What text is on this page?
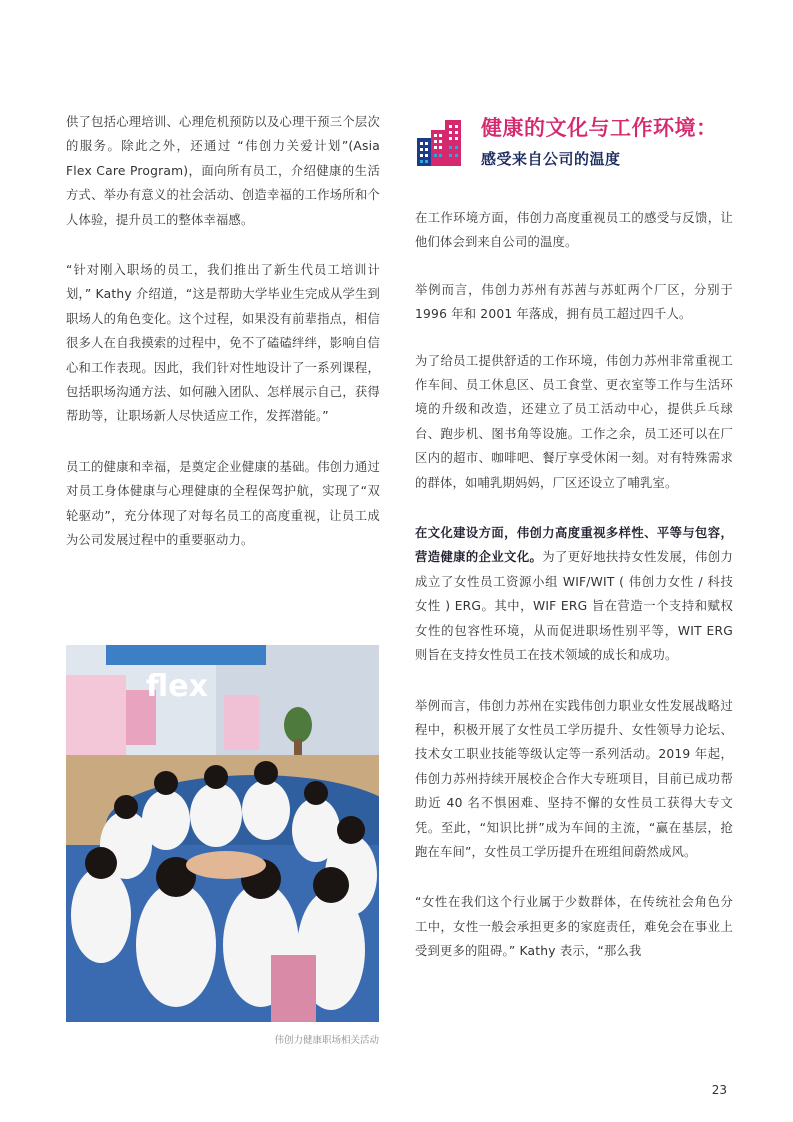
供了包括心理培训、心理危机预防以及心理干预三个层次的服务。除此之外，还通过 “伟创力关爱计划”(Asia Flex Care Program)，面向所有员工，介绍健康的生活方式、举办有意义的社会活动、创造幸福的工作场所和个人体验，提升员工的整体幸福感。

“针对刚入职场的员工，我们推出了新生代员工培训计划，” Kathy 介绍道，“这是帮助大学毕业生完成从学生到职场人的角色变化。这个过程，如果没有前辈指点，相信很多人在自我摸索的过程中，免不了磕磕绊绊，影响自信心和工作表现。因此，我们针对性地设计了一系列课程，包括职场沟通方法、如何融入团队、怎样展示自己，获得帮助等，让职场新人尽快适应工作，发挥潜能。”

员工的健康和幸福，是奠定企业健康的基础。伟创力通过对员工身体健康与心理健康的全程保驾护航，实现了“双轮驱动”，充分体现了对每名员工的高度重视，让员工成为公司发展过程中的重要驱动力。

flex
伟创力健康职场相关活动
健康的文化与工作环境：
感受来自公司的温度

在工作环境方面，伟创力高度重视员工的感受与反馈，让他们体会到来自公司的温度。

举例而言，伟创力苏州有苏茜与苏虹两个厂区，分别于 1996 年和 2001 年落成，拥有员工超过四千人。

为了给员工提供舒适的工作环境，伟创力苏州非常重视工作车间、员工休息区、员工食堂、更衣室等工作与生活环境的升级和改造，还建立了员工活动中心，提供乒乓球台、跑步机、图书角等设施。工作之余，员工还可以在厂区内的超市、咖啡吧、餐厅享受休闲一刻。对有特殊需求的群体，如哺乳期妈妈，厂区还设立了哺乳室。

在文化建设方面，伟创力高度重视多样性、平等与包容，营造健康的企业文化。为了更好地扶持女性发展，伟创力成立了女性员工资源小组 WIF/WIT ( 伟创力女性 / 科技女性 ) ERG。其中，WIF ERG 旨在营造一个支持和赋权女性的包容性环境，从而促进职场性别平等，WIT ERG 则旨在支持女性员工在技术领域的成长和成功。

举例而言，伟创力苏州在实践伟创力职业女性发展战略过程中，积极开展了女性员工学历提升、女性领导力论坛、技术女工职业技能等级认定等一系列活动。2019 年起，伟创力苏州持续开展校企合作大专班项目，目前已成功帮助近 40 名不惧困难、坚持不懈的女性员工获得大专文凭。至此，“知识比拼”成为车间的主流，“赢在基层，抢跑在车间”，女性员工学历提升在班组间蔚然成风。

“女性在我们这个行业属于少数群体，在传统社会角色分工中，女性一般会承担更多的家庭责任，难免会在事业上受到更多的阻碍。” Kathy 表示，“那么我

23
